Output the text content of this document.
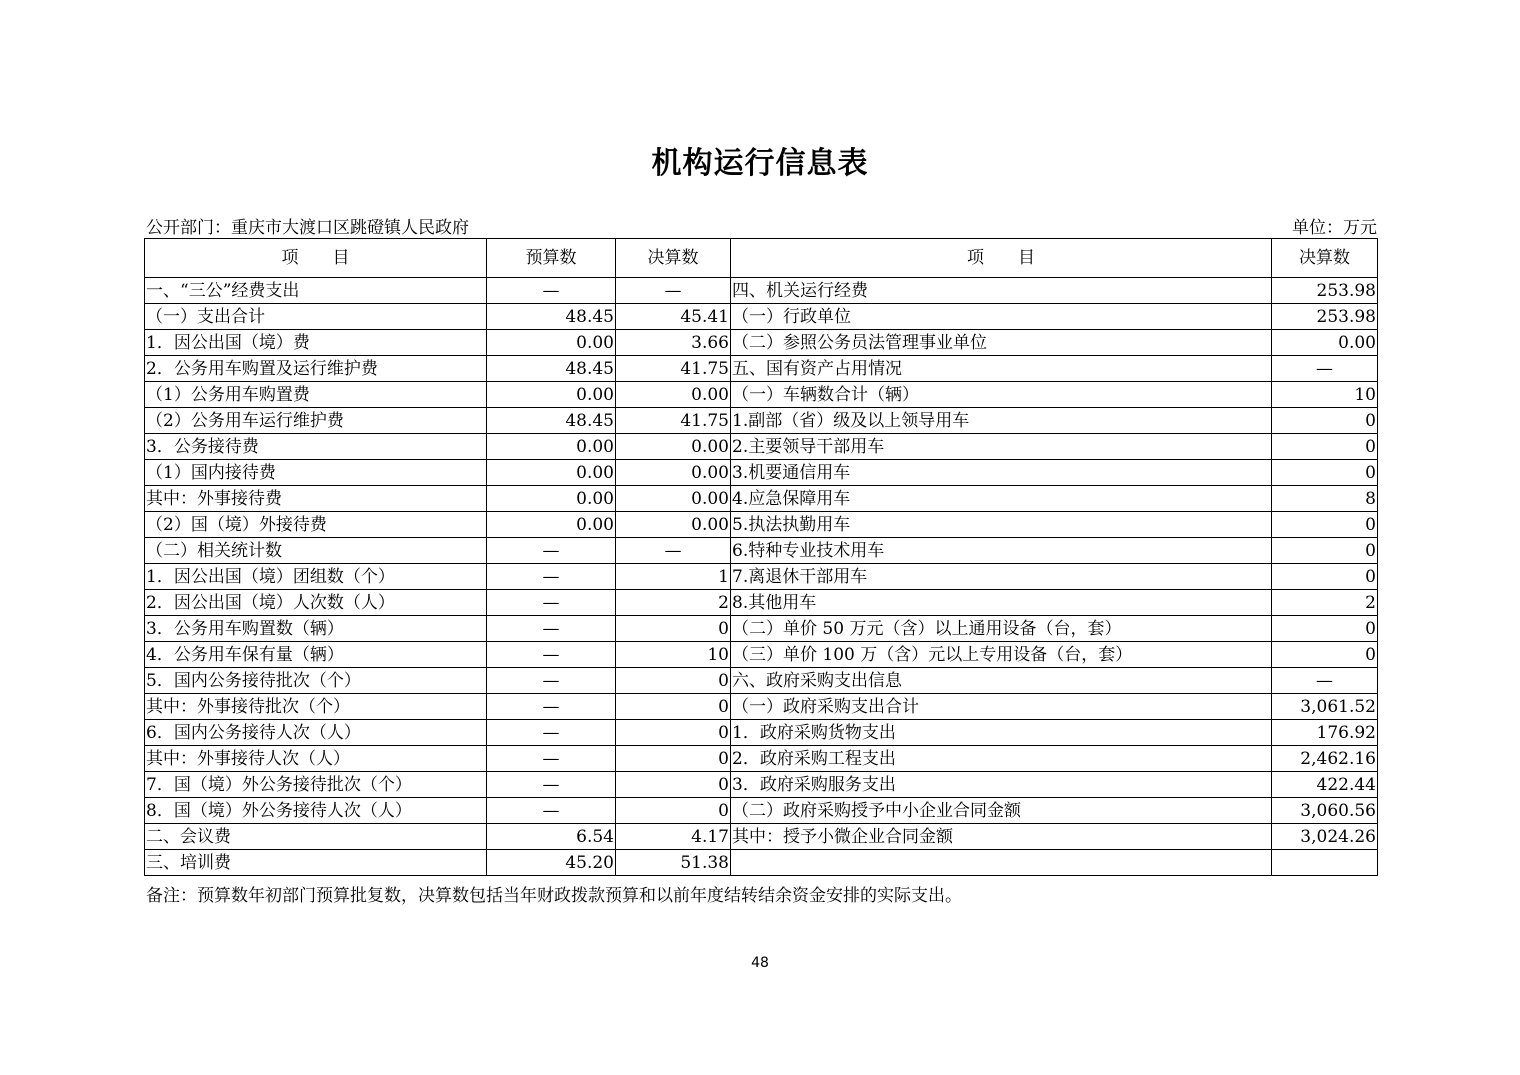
机构运行信息表
公开部门：重庆市大渡口区跳磴镇人民政府	单位：万元
项　　目	预算数	决算数	项　　目	决算数
一、“三公”经费支出	—	—	四、机关运行经费	253.98
（一）支出合计	48.45	45.41	（一）行政单位	253.98
1．因公出国（境）费	0.00	3.66	（二）参照公务员法管理事业单位	0.00
2．公务用车购置及运行维护费	48.45	41.75	五、国有资产占用情况	—
（1）公务用车购置费	0.00	0.00	（一）车辆数合计（辆）	10
（2）公务用车运行维护费	48.45	41.75	1.副部（省）级及以上领导用车	0
3．公务接待费	0.00	0.00	2.主要领导干部用车	0
（1）国内接待费	0.00	0.00	3.机要通信用车	0
其中：外事接待费	0.00	0.00	4.应急保障用车	8
（2）国（境）外接待费	0.00	0.00	5.执法执勤用车	0
（二）相关统计数	—	—	6.特种专业技术用车	0
1．因公出国（境）团组数（个）	—	1	7.离退休干部用车	0
2．因公出国（境）人次数（人）	—	2	8.其他用车	2
3．公务用车购置数（辆）	—	0	（二）单价 50 万元（含）以上通用设备（台，套）	0
4．公务用车保有量（辆）	—	10	（三）单价 100 万（含）元以上专用设备（台，套）	0
5．国内公务接待批次（个）	—	0	六、政府采购支出信息	—
其中：外事接待批次（个）	—	0	（一）政府采购支出合计	3,061.52
6．国内公务接待人次（人）	—	0	1．政府采购货物支出	176.92
其中：外事接待人次（人）	—	0	2．政府采购工程支出	2,462.16
7．国（境）外公务接待批次（个）	—	0	3．政府采购服务支出	422.44
8．国（境）外公务接待人次（人）	—	0	（二）政府采购授予中小企业合同金额	3,060.56
二、会议费	6.54	4.17	其中：授予小微企业合同金额	3,024.26
三、培训费	45.20	51.38		
备注：预算数年初部门预算批复数，决算数包括当年财政拨款预算和以前年度结转结余资金安排的实际支出。
48
